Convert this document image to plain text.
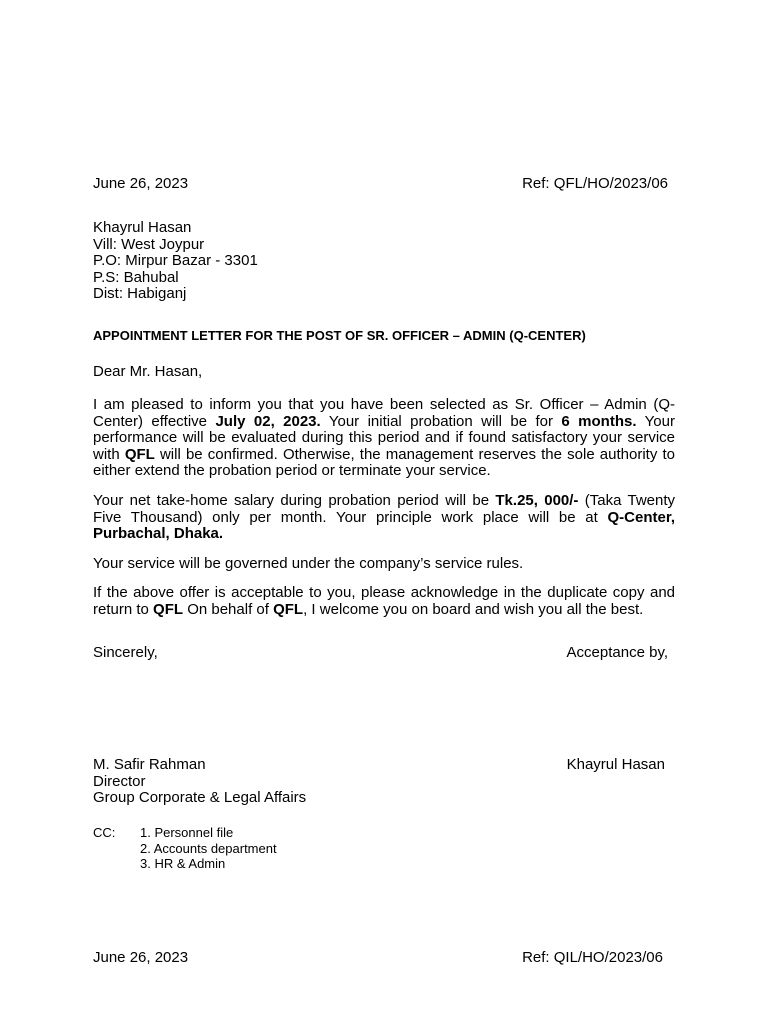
June 26, 2023	Ref: QFL/HO/2023/06
Khayrul Hasan
Vill: West Joypur
P.O: Mirpur Bazar - 3301
P.S: Bahubal
Dist: Habiganj
APPOINTMENT LETTER FOR THE POST OF SR. OFFICER – ADMIN (Q-CENTER)
Dear Mr. Hasan,
I am pleased to inform you that you have been selected as Sr. Officer – Admin (Q-Center) effective July 02, 2023. Your initial probation will be for 6 months. Your performance will be evaluated during this period and if found satisfactory your service with QFL will be confirmed. Otherwise, the management reserves the sole authority to either extend the probation period or terminate your service.
Your net take-home salary during probation period will be Tk.25, 000/- (Taka Twenty Five Thousand) only per month. Your principle work place will be at Q-Center, Purbachal, Dhaka.
Your service will be governed under the company’s service rules.
If the above offer is acceptable to you, please acknowledge in the duplicate copy and return to QFL On behalf of QFL, I welcome you on board and wish you all the best.
Sincerely,	Acceptance by,
M. Safir Rahman
Director
Group Corporate & Legal Affairs
Khayrul Hasan
CC: 1. Personnel file
2. Accounts department
3. HR & Admin
June 26, 2023	Ref: QIL/HO/2023/06
